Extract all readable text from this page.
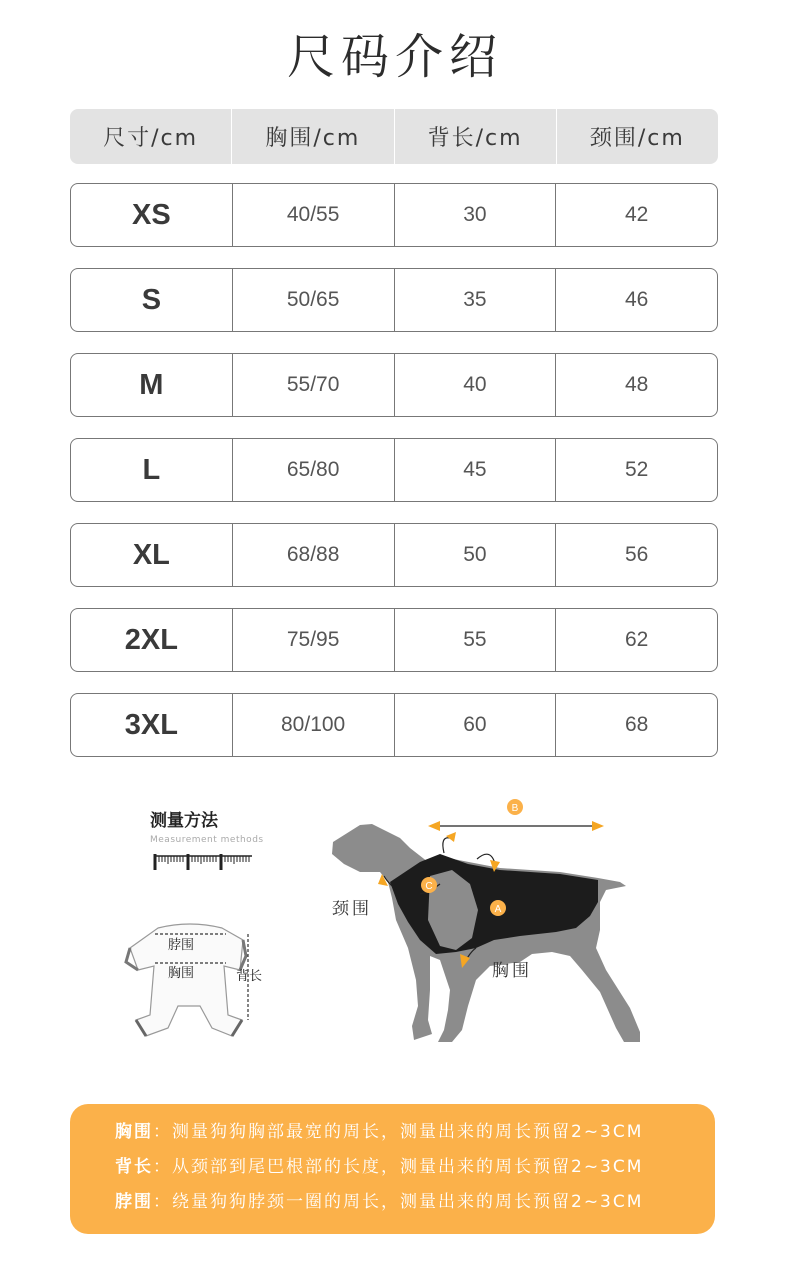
尺码介绍
尺寸/cm	胸围/cm	背长/cm	颈围/cm
XS	40/55	30	42
S	50/65	35	46
M	55/70	40	48
L	65/80	45	52
XL	68/88	50	56
2XL	75/95	55	62
3XL	80/100	60	68
B
C
A
颈围
胸围
脖围
胸围	背长
测量方法
Measurement methods
胸围：测量狗狗胸部最宽的周长，测量出来的周长预留2~3CM
背长：从颈部到尾巴根部的长度，测量出来的周长预留2~3CM
脖围：绕量狗狗脖颈一圈的周长，测量出来的周长预留2~3CM
